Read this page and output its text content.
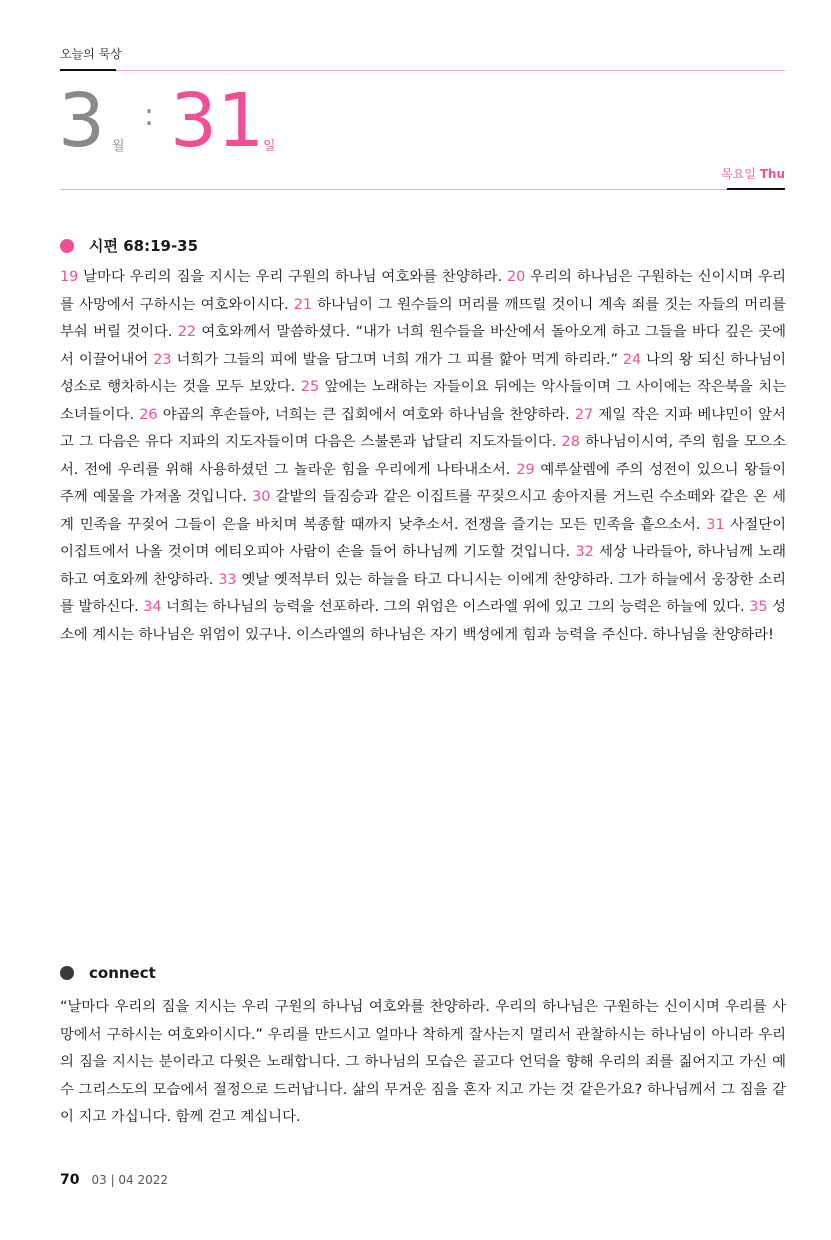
오늘의 묵상
3 월
: 31
일
목요일 Thu
시편 68:19-35
19 날마다 우리의 짐을 지시는 우리 구원의 하나님 여호와를 찬양하라. 20 우리의 하나님은 구원하는 신이시며 우리를 사망에서 구하시는 여호와이시다. 21 하나님이 그 원수들의 머리를 깨뜨릴 것이니 계속 죄를 짓는 자들의 머리를 부숴 버릴 것이다. 22 여호와께서 말씀하셨다. “내가 너희 원수들을 바산에서 돌아오게 하고 그들을 바다 깊은 곳에서 이끌어내어 23 너희가 그들의 피에 발을 담그며 너희 개가 그 피를 핥아 먹게 하리라.” 24 나의 왕 되신 하나님이 성소로 행차하시는 것을 모두 보았다. 25 앞에는 노래하는 자들이요 뒤에는 악사들이며 그 사이에는 작은북을 치는 소녀들이다. 26 야곱의 후손들아, 너희는 큰 집회에서 여호와 하나님을 찬양하라. 27 제일 작은 지파 베냐민이 앞서고 그 다음은 유다 지파의 지도자들이며 다음은 스불론과 납달리 지도자들이다. 28 하나님이시여, 주의 힘을 모으소서. 전에 우리를 위해 사용하셨던 그 놀라운 힘을 우리에게 나타내소서. 29 예루살렘에 주의 성전이 있으니 왕들이 주께 예물을 가져올 것입니다. 30 갈밭의 들짐승과 같은 이집트를 꾸짖으시고 송아지를 거느린 수소떼와 같은 온 세계 민족을 꾸짖어 그들이 은을 바치며 복종할 때까지 낮추소서. 전쟁을 즐기는 모든 민족을 흩으소서. 31 사절단이 이집트에서 나올 것이며 에티오피아 사람이 손을 들어 하나님께 기도할 것입니다. 32 세상 나라들아, 하나님께 노래하고 여호와께 찬양하라. 33 옛날 옛적부터 있는 하늘을 타고 다니시는 이에게 찬양하라. 그가 하늘에서 웅장한 소리를 발하신다. 34 너희는 하나님의 능력을 선포하라. 그의 위엄은 이스라엘 위에 있고 그의 능력은 하늘에 있다. 35 성소에 계시는 하나님은 위엄이 있구나. 이스라엘의 하나님은 자기 백성에게 힘과 능력을 주신다. 하나님을 찬양하라!
connect
“날마다 우리의 짐을 지시는 우리 구원의 하나님 여호와를 찬양하라. 우리의 하나님은 구원하는 신이시며 우리를 사망에서 구하시는 여호와이시다.” 우리를 만드시고 얼마나 착하게 잘사는지 멀리서 관찰하시는 하나님이 아니라 우리의 짐을 지시는 분이라고 다윗은 노래합니다. 그 하나님의 모습은 골고다 언덕을 향해 우리의 죄를 짊어지고 가신 예수 그리스도의 모습에서 절정으로 드러납니다. 삶의 무거운 짐을 혼자 지고 가는 것 같은가요? 하나님께서 그 짐을 같이 지고 가십니다. 함께 걷고 계십니다.
70 03 | 04 2022
